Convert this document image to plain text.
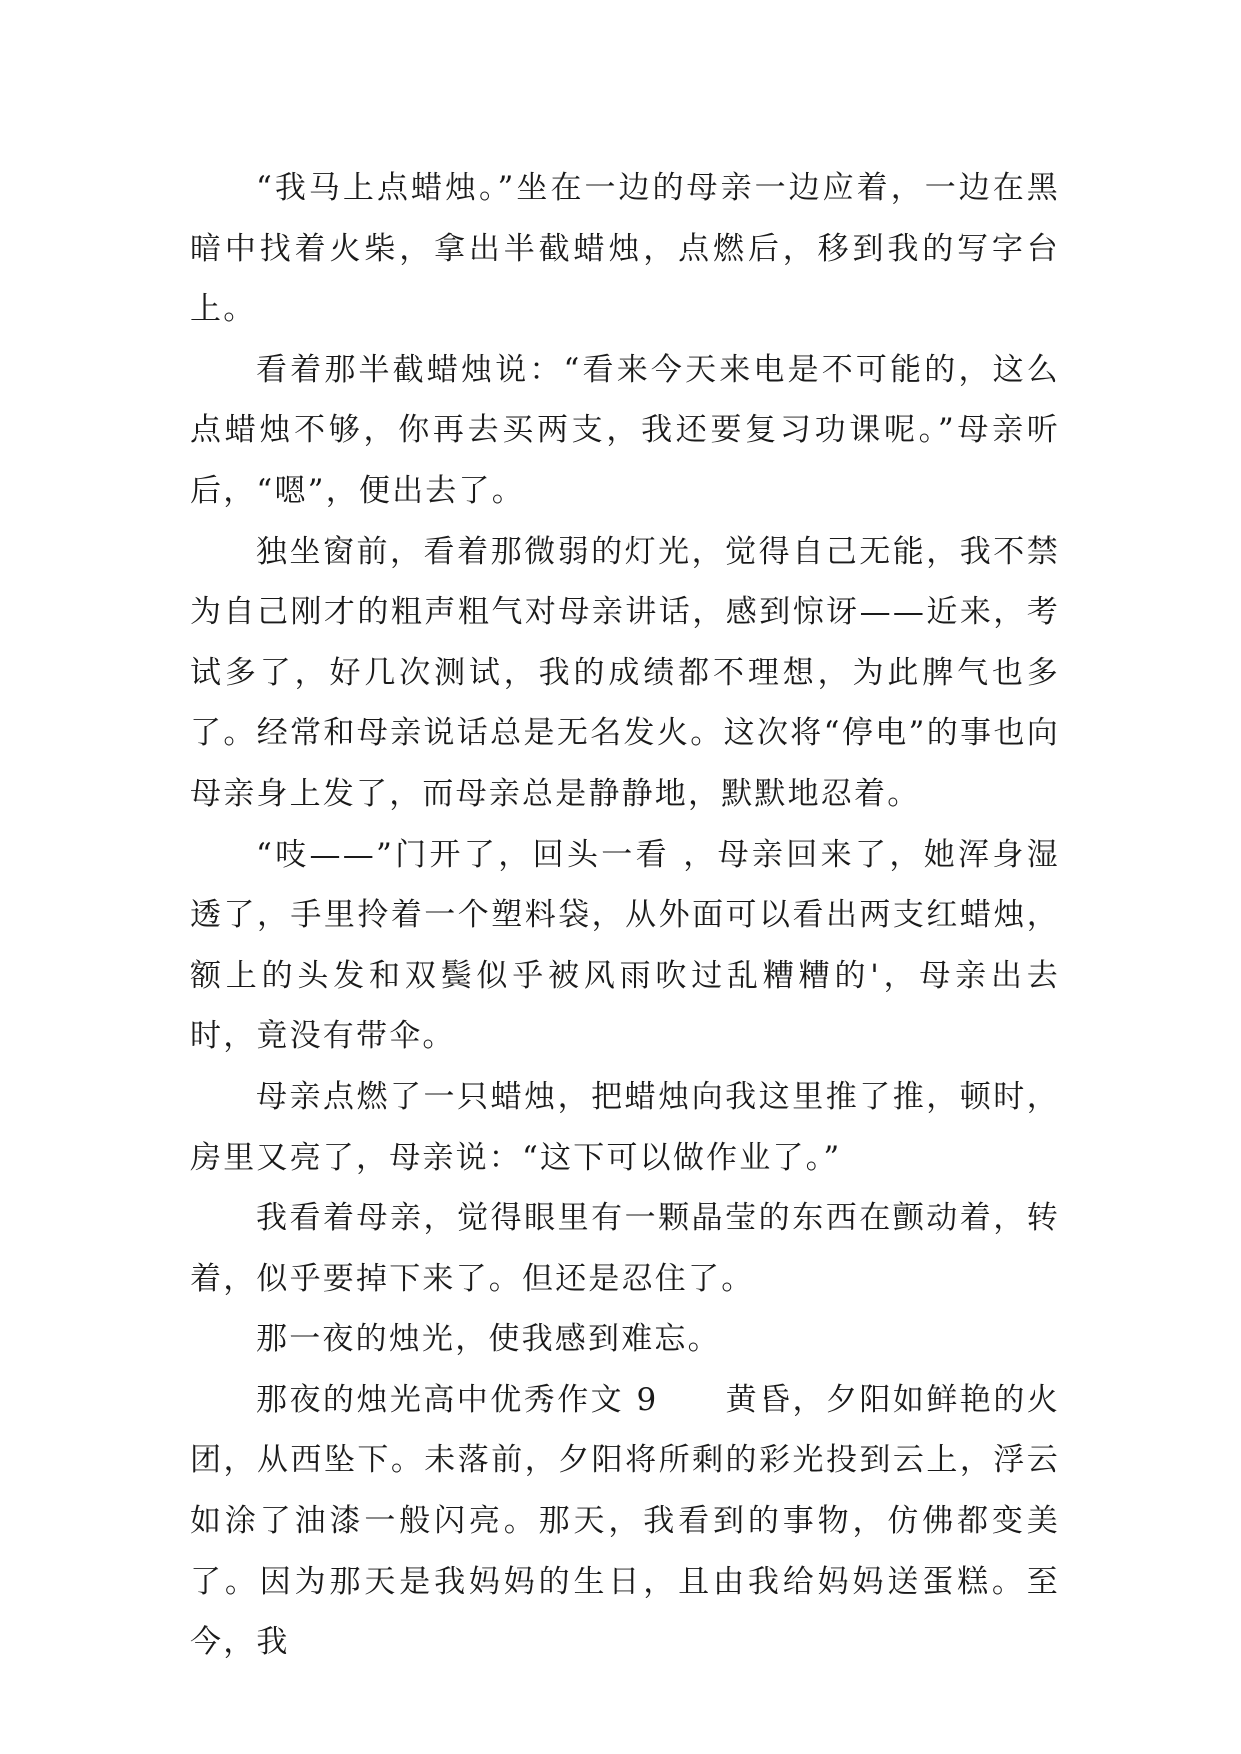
“我马上点蜡烛。”坐在一边的母亲一边应着，一边在黑暗中找着火柴，拿出半截蜡烛，点燃后，移到我的写字台上。

看着那半截蜡烛说：“看来今天来电是不可能的，这么点蜡烛不够，你再去买两支，我还要复习功课呢。”母亲听后，“嗯”，便出去了。

独坐窗前，看着那微弱的灯光，觉得自己无能，我不禁为自己刚才的粗声粗气对母亲讲话，感到惊讶——近来，考试多了，好几次测试，我的成绩都不理想，为此脾气也多了。经常和母亲说话总是无名发火。这次将“停电”的事也向母亲身上发了，而母亲总是静静地，默默地忍着。

“吱——”门开了，回头一看 ，母亲回来了，她浑身湿透了，手里拎着一个塑料袋，从外面可以看出两支红蜡烛，额上的头发和双鬓似乎被风雨吹过乱糟糟的'，母亲出去时，竟没有带伞。

母亲点燃了一只蜡烛，把蜡烛向我这里推了推，顿时，房里又亮了，母亲说：“这下可以做作业了。”

我看着母亲，觉得眼里有一颗晶莹的东西在颤动着，转着，似乎要掉下来了。但还是忍住了。

那一夜的烛光，使我感到难忘。

那夜的烛光高中优秀作文 9　　黄昏，夕阳如鲜艳的火团，从西坠下。未落前，夕阳将所剩的彩光投到云上，浮云如涂了油漆一般闪亮。那天，我看到的事物，仿佛都变美了。因为那天是我妈妈的生日，且由我给妈妈送蛋糕。至今，我
